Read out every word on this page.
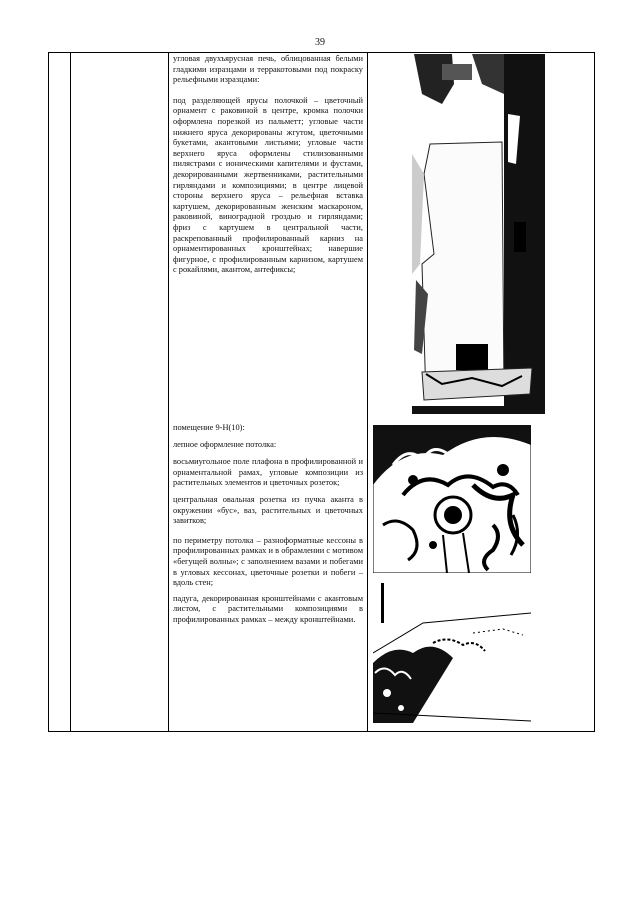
39

угловая двухъярусная печь, облицованная белыми гладкими изразцами и терракотовыми под покраску рельефными изразцами:

под разделяющей ярусы полочкой – цветочный орнамент с раковиной в центре, кромка полочки оформлена порезкой из пальметт; угловые части нижнего яруса декорированы жгутом, цветочными букетами, акантовыми листьями; угловые части верхнего яруса оформлены стилизованными пилястрами с ионическими капителями и фустами, декорированными жертвенниками, растительными гирляндами и композициями; в центре лицевой стороны верхнего яруса – рельефная вставка картушем, декорированным женским маскароном, раковиной, виноградной гроздью и гирляндами; фриз с картушем в центральной части, раскрепованный профилированный карниз на орнаментированных кронштейнах; навершие фигурное, с профилированным карнизом, картушем с рокайлями, акантом, антефиксы;

помещение 9-Н(10):

лепное оформление потолка:

восьмиугольное поле плафона в профилированной и орнаментальной рамах, угловые композиции из растительных элементов и цветочных розеток;

центральная овальная розетка из пучка аканта в окружении «бус», ваз, растительных и цветочных завитков;

по периметру потолка – разноформатные кессоны в профилированных рамках и в обрамлении с мотивом «бегущей волны»; с заполнением вазами и побегами в угловых кессонах, цветочные розетки и побеги – вдоль стен;

падуга, декорированная кронштейнами с акантовым листом, с растительными композициями в профилированных рамках – между кронштейнами.
